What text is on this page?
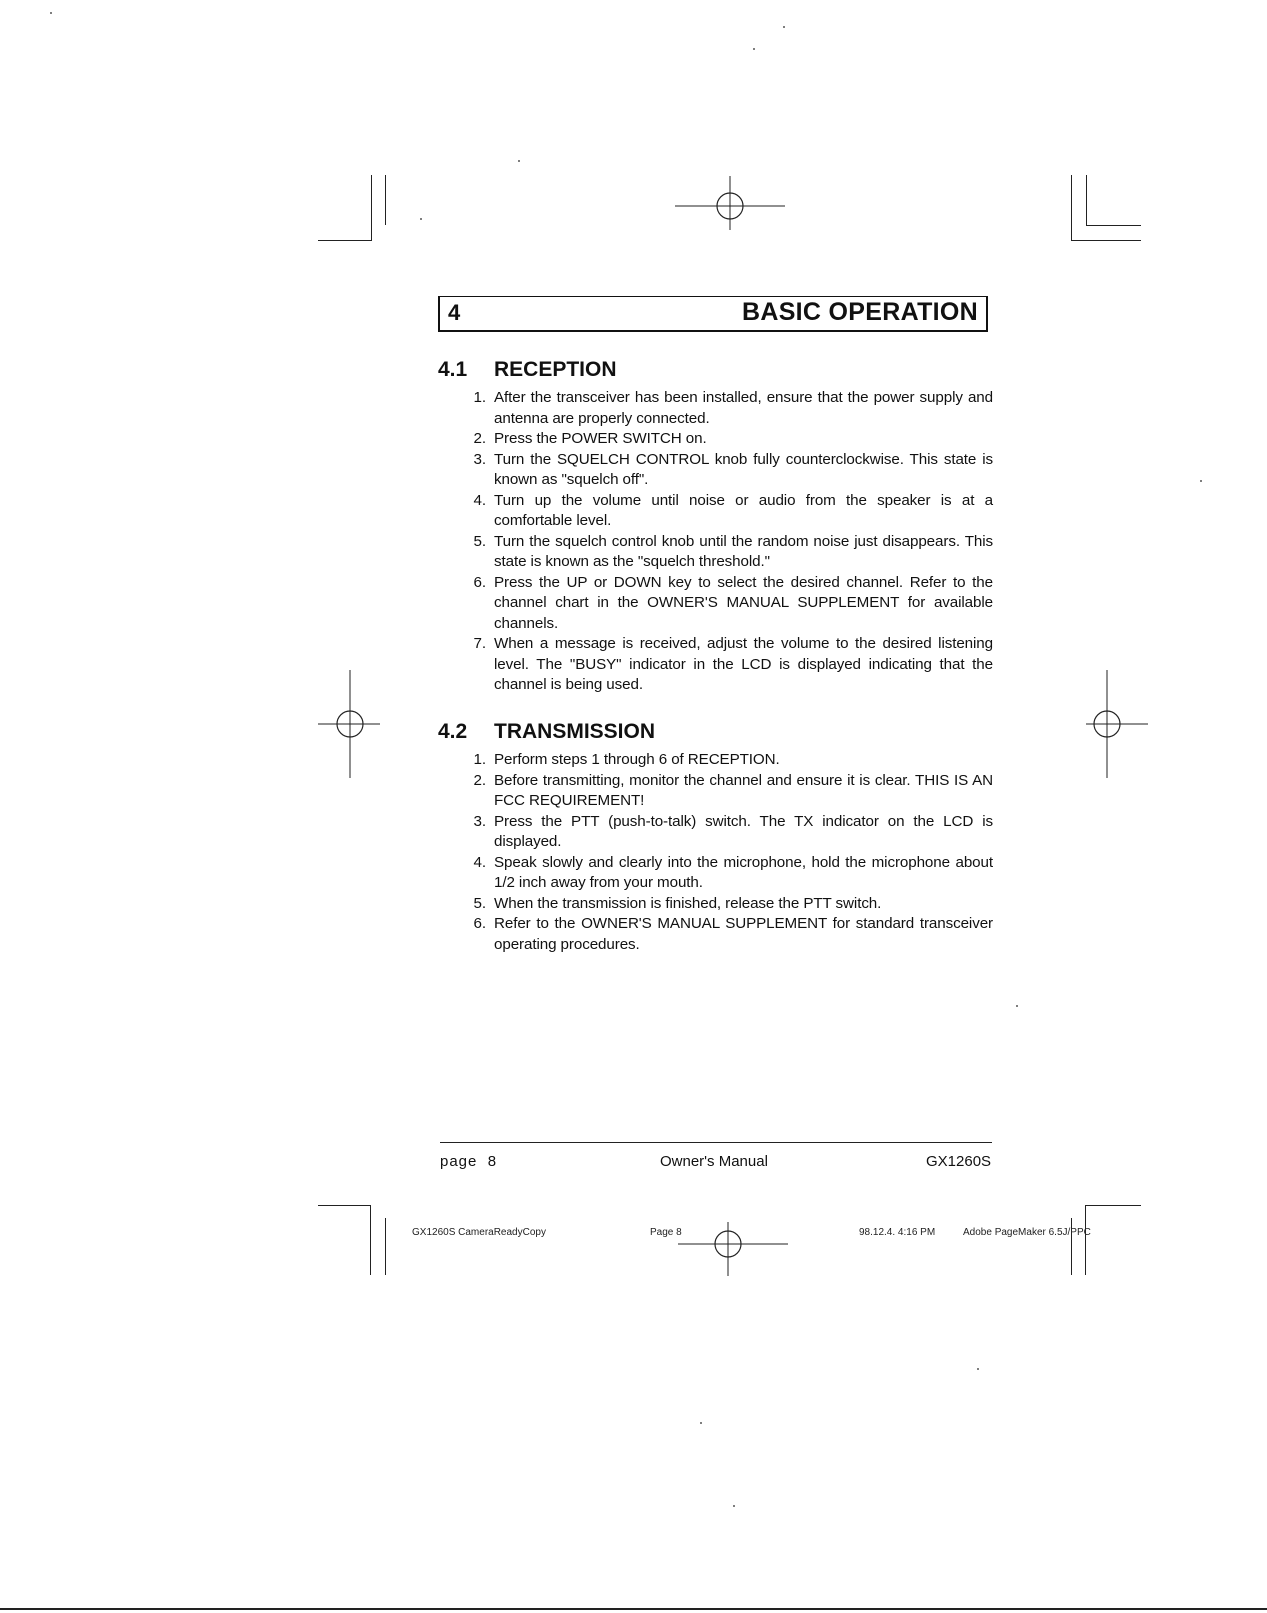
4	BASIC OPERATION
4.1	RECEPTION
1. After the transceiver has been installed, ensure that the power supply and antenna are properly connected.
2. Press the POWER SWITCH on.
3. Turn the SQUELCH CONTROL knob fully counterclockwise. This state is known as "squelch off".
4. Turn up the volume until noise or audio from the speaker is at a comfortable level.
5. Turn the squelch control knob until the random noise just disappears. This state is known as the "squelch threshold."
6. Press the UP or DOWN key to select the desired channel. Refer to the channel chart in the OWNER'S MANUAL SUPPLEMENT for available channels.
7. When a message is received, adjust the volume to the desired listening level. The "BUSY" indicator in the LCD is displayed indicating that the channel is being used.
4.2	TRANSMISSION
1. Perform steps 1 through 6 of RECEPTION.
2. Before transmitting, monitor the channel and ensure it is clear. THIS IS AN FCC REQUIREMENT!
3. Press the PTT (push-to-talk) switch. The TX indicator on the LCD is displayed.
4. Speak slowly and clearly into the microphone, hold the microphone about 1/2 inch away from your mouth.
5. When the transmission is finished, release the PTT switch.
6. Refer to the OWNER'S MANUAL SUPPLEMENT for standard transceiver operating procedures.
page  8	Owner's Manual	GX1260S
GX1260S CameraReadyCopy	Page 8	98.12.4. 4:16 PM	Adobe PageMaker 6.5J/PPC
